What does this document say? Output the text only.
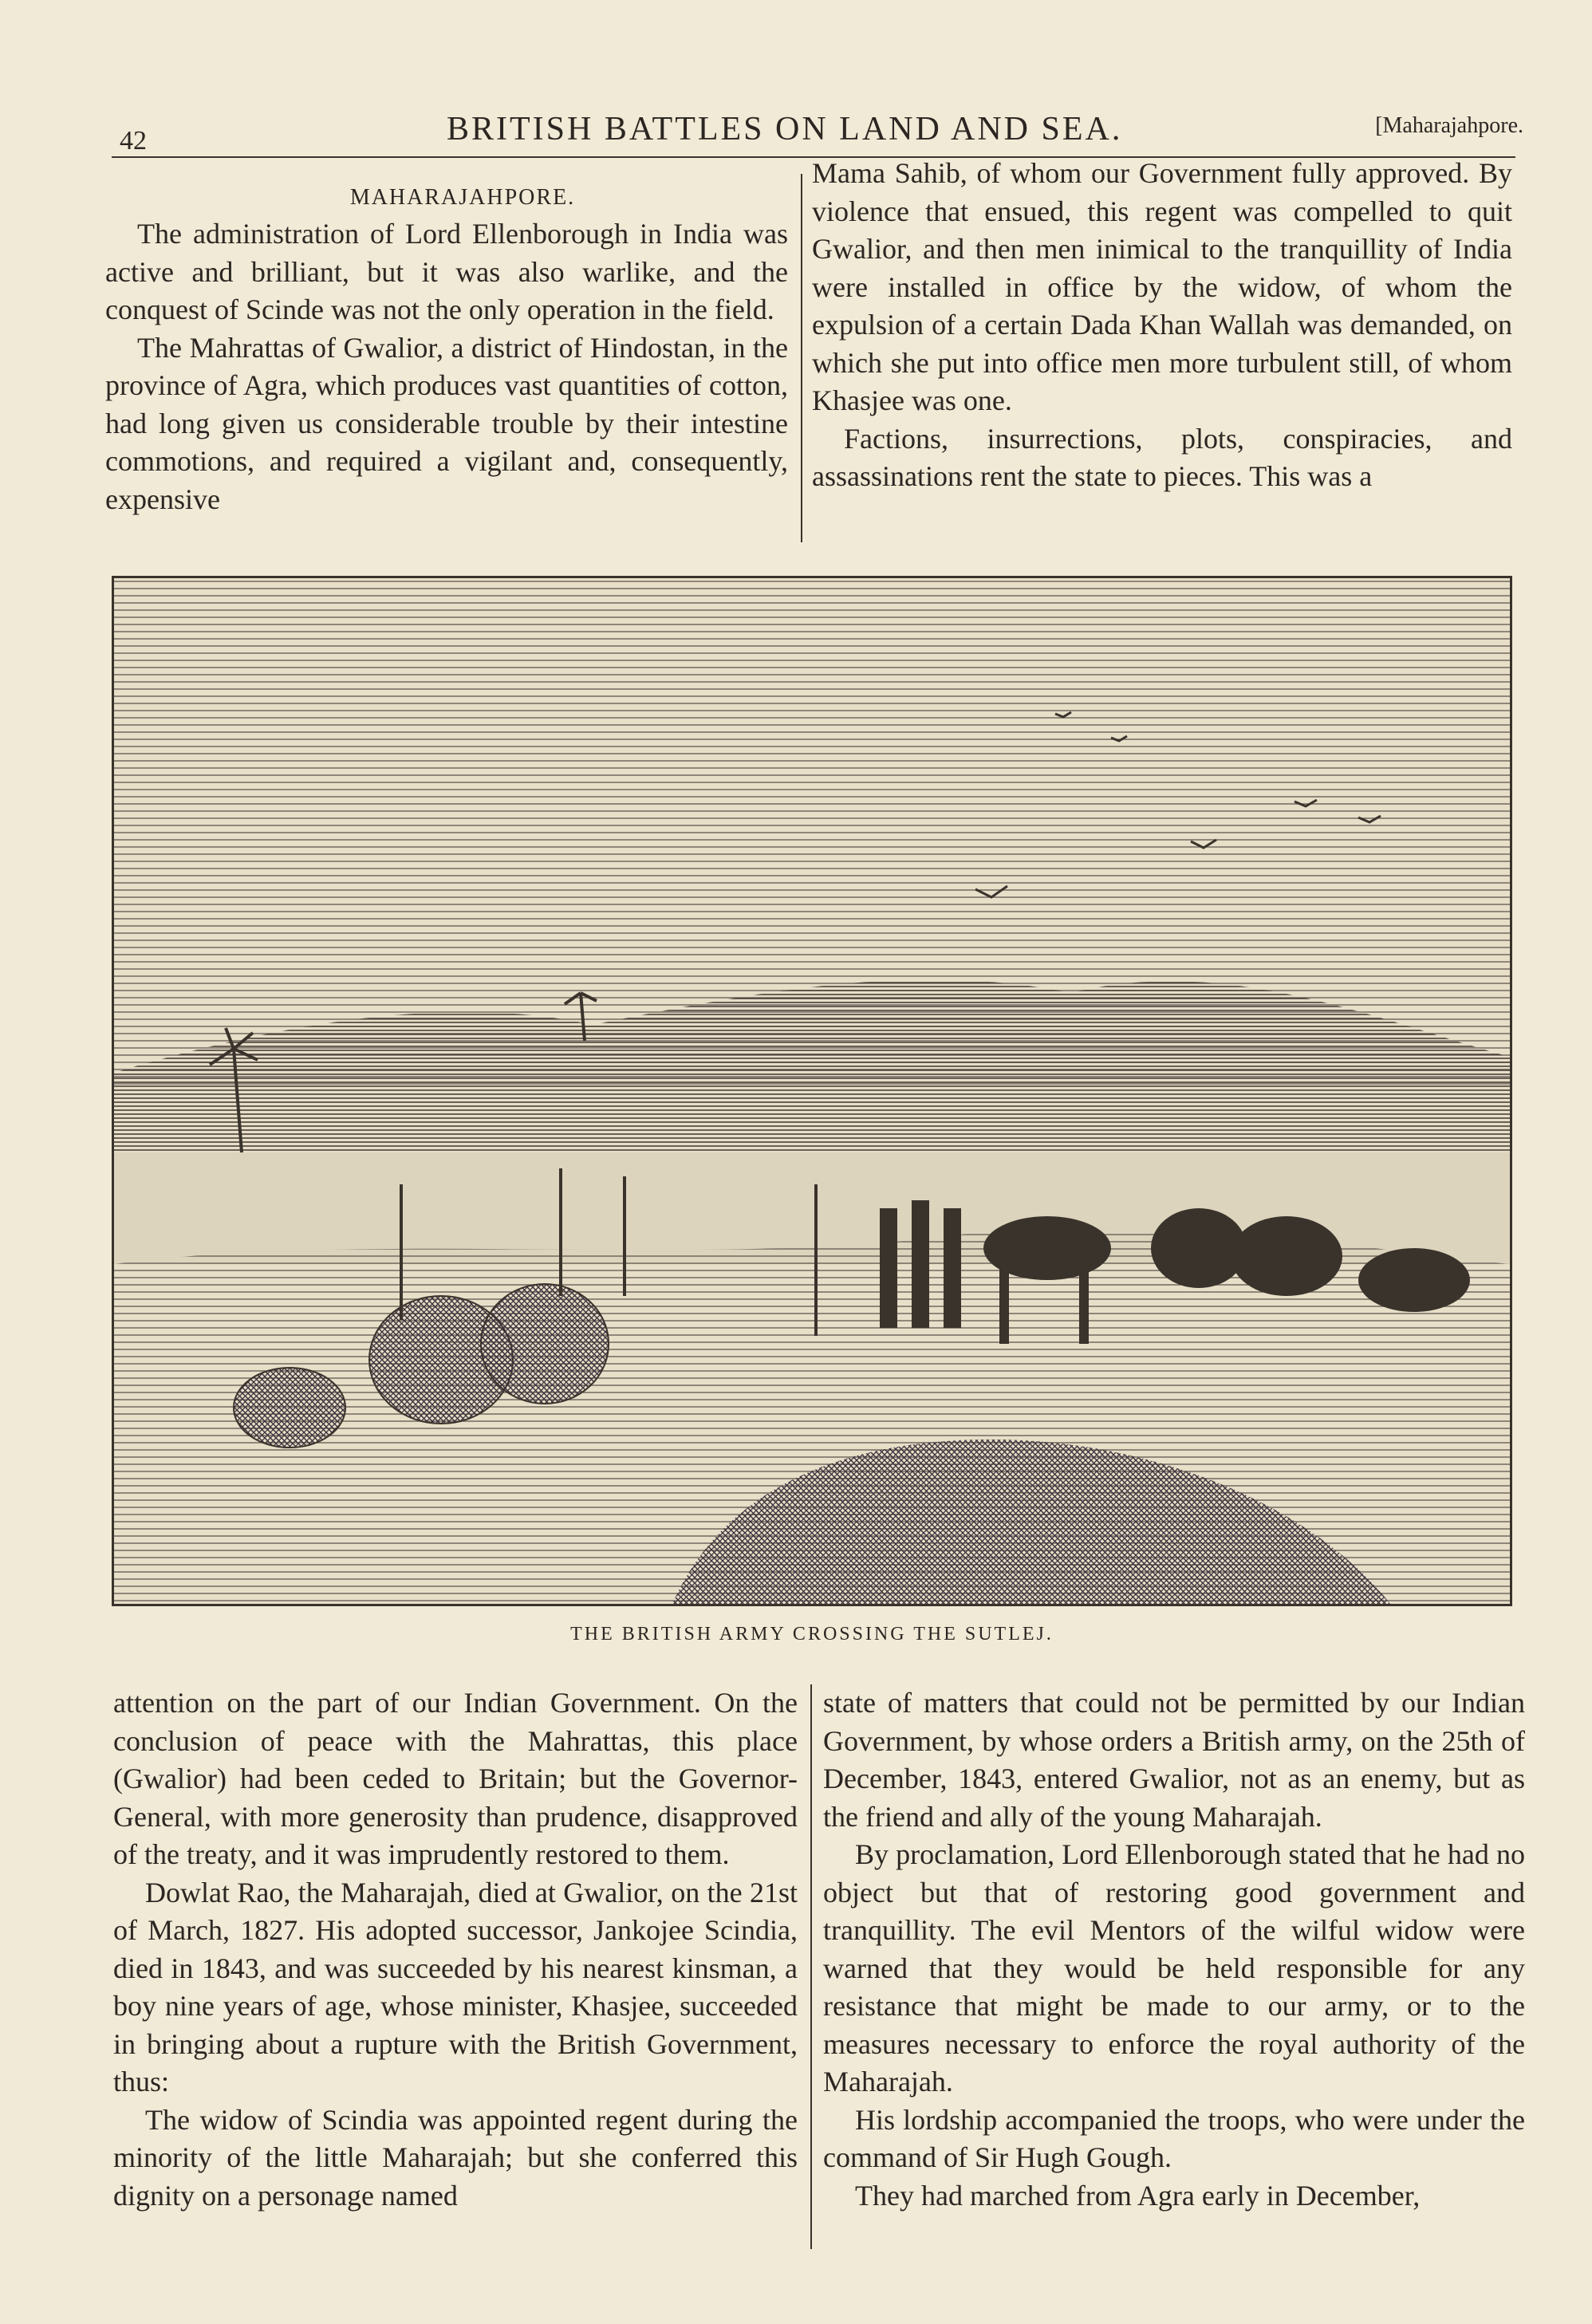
42	BRITISH BATTLES ON LAND AND SEA.	[Maharajahpore.

MAHARAJAHPORE.

The administration of Lord Ellenborough in India was active and brilliant, but it was also warlike, and the conquest of Scinde was not the only operation in the field.

The Mahrattas of Gwalior, a district of Hindostan, in the province of Agra, which produces vast quantities of cotton, had long given us considerable trouble by their intestine commotions, and required a vigilant and, consequently, expensive

Mama Sahib, of whom our Government fully approved. By violence that ensued, this regent was compelled to quit Gwalior, and then men inimical to the tranquillity of India were installed in office by the widow, of whom the expulsion of a certain Dada Khan Wallah was demanded, on which she put into office men more turbulent still, of whom Khasjee was one.

Factions, insurrections, plots, conspiracies, and assassinations rent the state to pieces. This was a

THE BRITISH ARMY CROSSING THE SUTLEJ.

attention on the part of our Indian Government. On the conclusion of peace with the Mahrattas, this place (Gwalior) had been ceded to Britain; but the Governor-General, with more generosity than prudence, disapproved of the treaty, and it was imprudently restored to them.

Dowlat Rao, the Maharajah, died at Gwalior, on the 21st of March, 1827. His adopted successor, Jankojee Scindia, died in 1843, and was succeeded by his nearest kinsman, a boy nine years of age, whose minister, Khasjee, succeeded in bringing about a rupture with the British Government, thus:

The widow of Scindia was appointed regent during the minority of the little Maharajah; but she conferred this dignity on a personage named

state of matters that could not be permitted by our Indian Government, by whose orders a British army, on the 25th of December, 1843, entered Gwalior, not as an enemy, but as the friend and ally of the young Maharajah.

By proclamation, Lord Ellenborough stated that he had no object but that of restoring good government and tranquillity. The evil Mentors of the wilful widow were warned that they would be held responsible for any resistance that might be made to our army, or to the measures necessary to enforce the royal authority of the Maharajah.

His lordship accompanied the troops, who were under the command of Sir Hugh Gough.

They had marched from Agra early in December,
